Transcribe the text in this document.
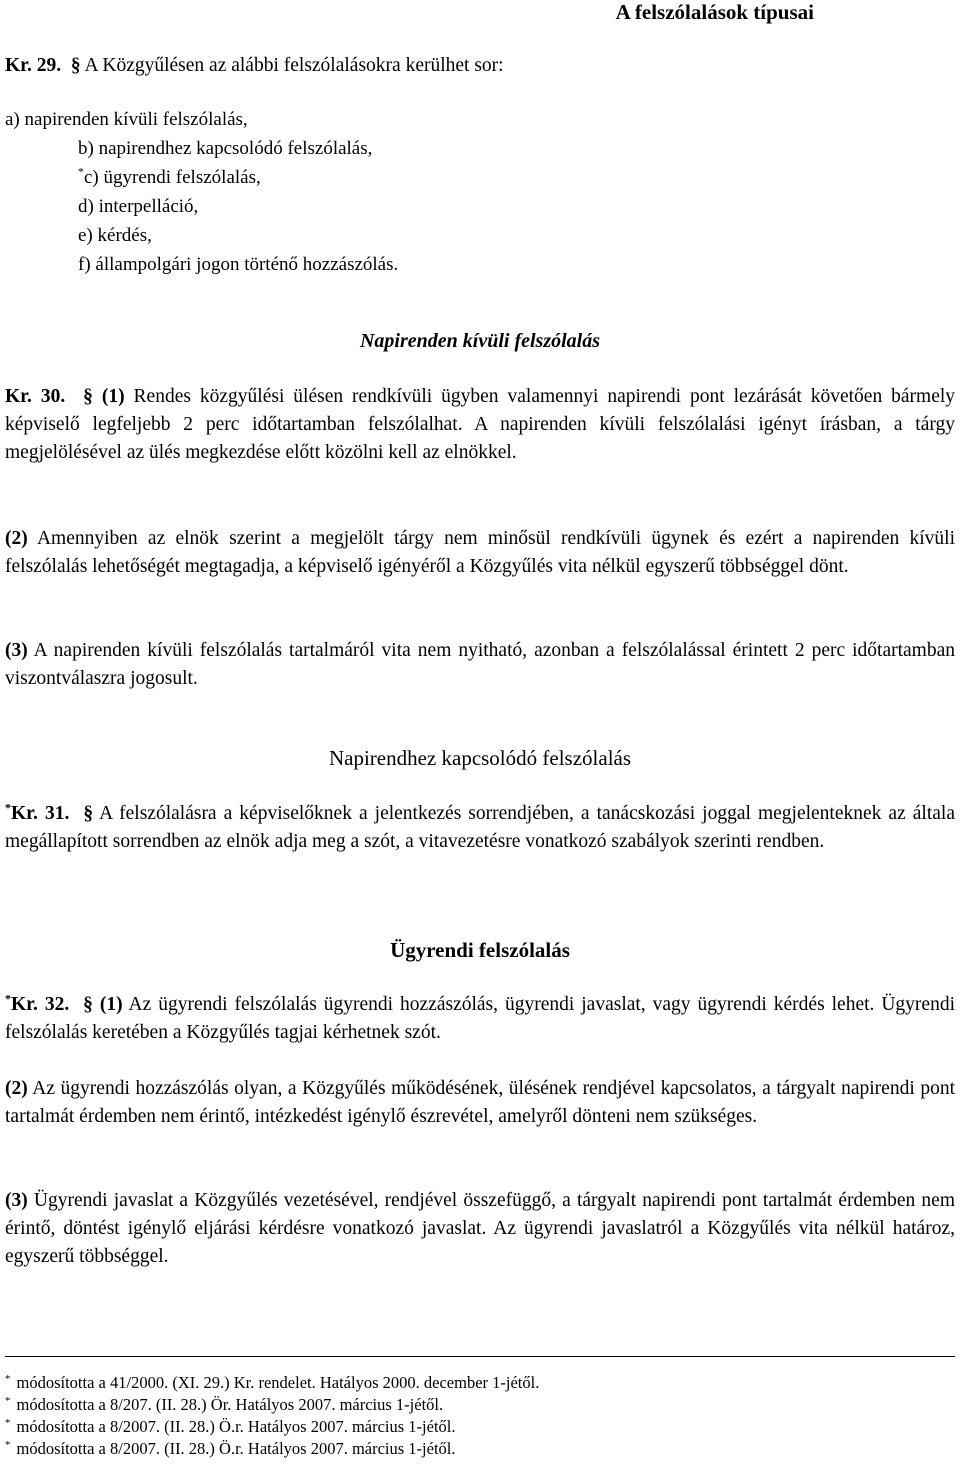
A felszólalások típusai
Kr. 29. § A Közgyűlésen az alábbi felszólalásokra kerülhet sor:
a) napirenden kívüli felszólalás,
b) napirendhez kapcsolódó felszólalás,
*c) ügyrendi felszólalás,
d) interpelláció,
e) kérdés,
f) állampolgári jogon történő hozzászólás.
Napirenden kívüli felszólalás
Kr. 30. § (1) Rendes közgyűlési ülésen rendkívüli ügyben valamennyi napirendi pont lezárását követően bármely képviselő legfeljebb 2 perc időtartamban felszólalhat. A napirenden kívüli felszólalási igényt írásban, a tárgy megjelölésével az ülés megkezdése előtt közölni kell az elnökkel.
(2) Amennyiben az elnök szerint a megjelölt tárgy nem minősül rendkívüli ügynek és ezért a napirenden kívüli felszólalás lehetőségét megtagadja, a képviselő igényéről a Közgyűlés vita nélkül egyszerű többséggel dönt.
(3) A napirenden kívüli felszólalás tartalmáról vita nem nyitható, azonban a felszólalással érintett 2 perc időtartamban viszontválaszra jogosult.
Napirendhez kapcsolódó felszólalás
*Kr. 31. § A felszólalásra a képviselőknek a jelentkezés sorrendjében, a tanácskozási joggal megjelenteknek az általa megállapított sorrendben az elnök adja meg a szót, a vitavezetésre vonatkozó szabályok szerinti rendben.
Ügyrendi felszólalás
*Kr. 32. § (1) Az ügyrendi felszólalás ügyrendi hozzászólás, ügyrendi javaslat, vagy ügyrendi kérdés lehet. Ügyrendi felszólalás keretében a Közgyűlés tagjai kérhetnek szót.
(2) Az ügyrendi hozzászólás olyan, a Közgyűlés működésének, ülésének rendjével kapcsolatos, a tárgyalt napirendi pont tartalmát érdemben nem érintő, intézkedést igénylő észrevétel, amelyről dönteni nem szükséges.
(3) Ügyrendi javaslat a Közgyűlés vezetésével, rendjével összefüggő, a tárgyalt napirendi pont tartalmát érdemben nem érintő, döntést igénylő eljárási kérdésre vonatkozó javaslat. Az ügyrendi javaslatról a Közgyűlés vita nélkül határoz, egyszerű többséggel.
* módosította a 41/2000. (XI. 29.) Kr. rendelet. Hatályos 2000. december 1-jétől.
* módosította a 8/207. (II. 28.) Ör. Hatályos 2007. március 1-jétől.
* módosította a 8/2007. (II. 28.) Ö.r. Hatályos 2007. március 1-jétől.
* módosította a 8/2007. (II. 28.) Ö.r. Hatályos 2007. március 1-jétől.
